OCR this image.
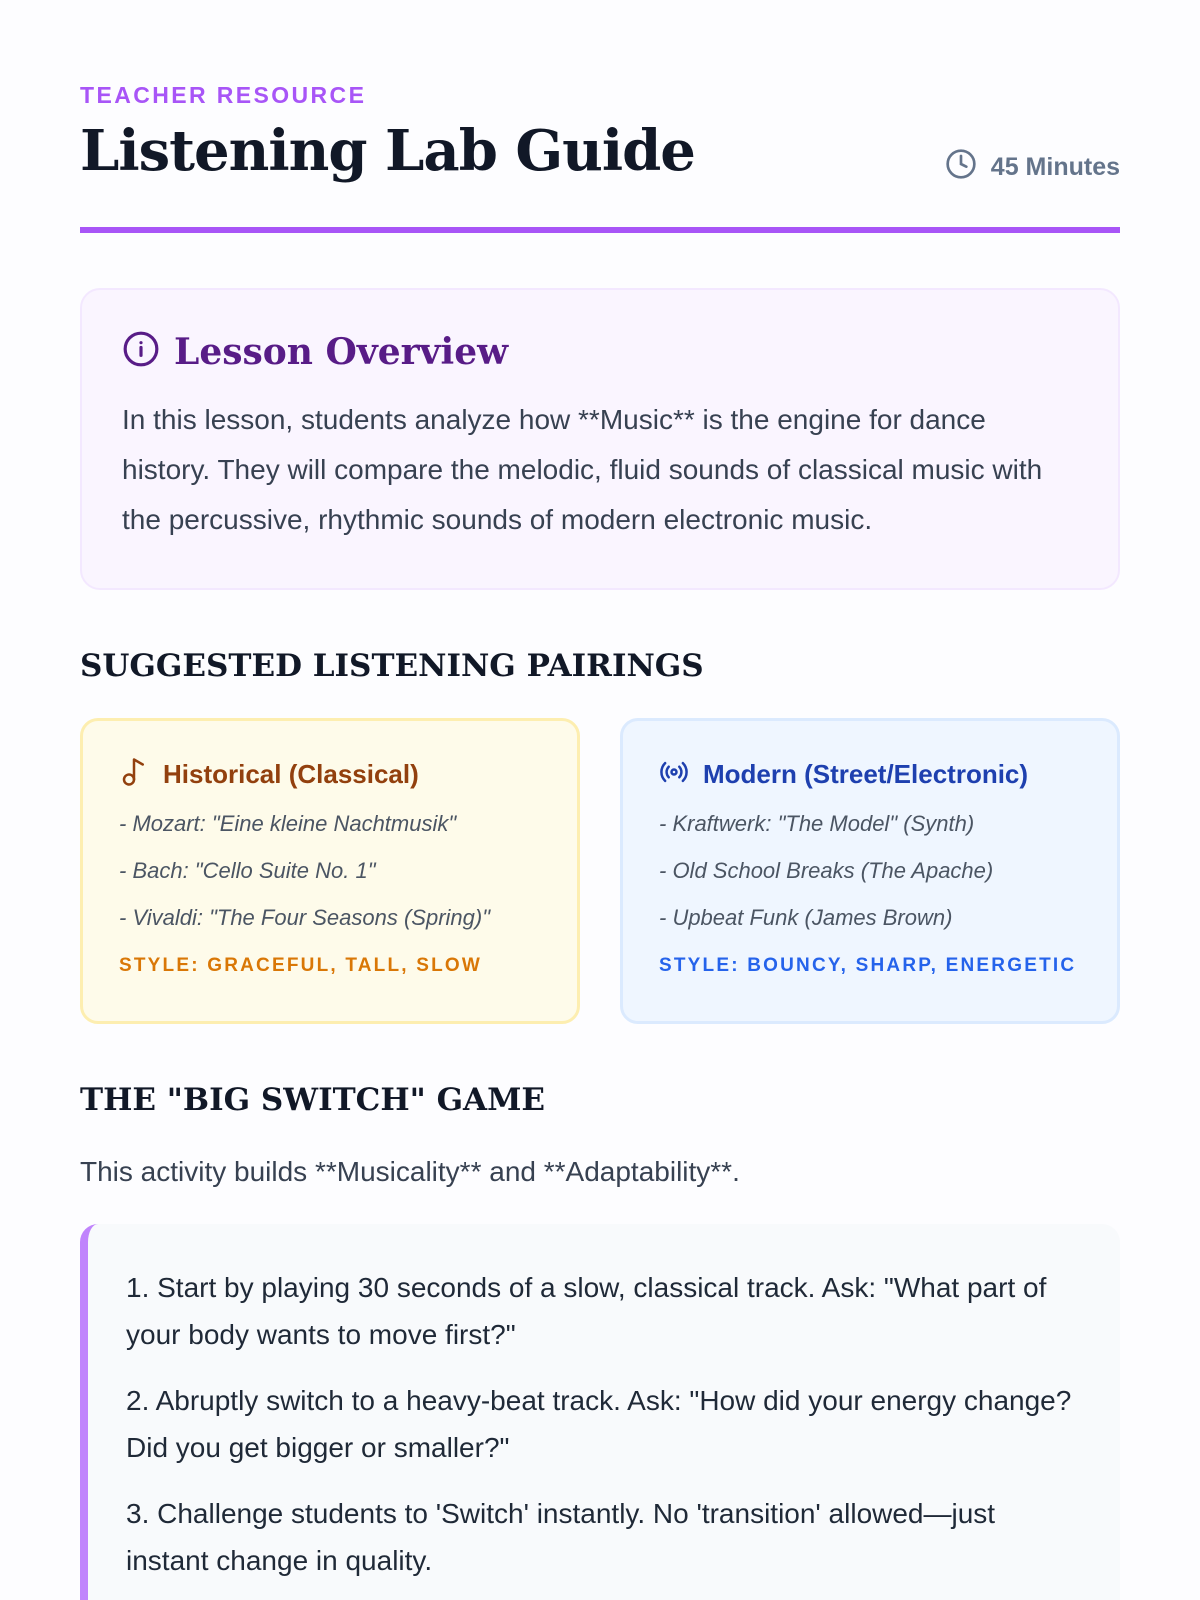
TEACHER RESOURCE
Listening Lab Guide	45 Minutes
Lesson Overview

In this lesson, students analyze how **Music** is the engine for dance history. They will compare the melodic, fluid sounds of classical music with the percussive, rhythmic sounds of modern electronic music.

SUGGESTED LISTENING PAIRINGS
Historical (Classical)
- Mozart: "Eine kleine Nachtmusik"
- Bach: "Cello Suite No. 1"
- Vivaldi: "The Four Seasons (Spring)"
STYLE: GRACEFUL, TALL, SLOW
Modern (Street/Electronic)
- Kraftwerk: "The Model" (Synth)
- Old School Breaks (The Apache)
- Upbeat Funk (James Brown)
STYLE: BOUNCY, SHARP, ENERGETIC
THE "BIG SWITCH" GAME

This activity builds **Musicality** and **Adaptability**.

1. Start by playing 30 seconds of a slow, classical track. Ask: "What part of your body wants to move first?"
2. Abruptly switch to a heavy-beat track. Ask: "How did your energy change? Did you get bigger or smaller?"
3. Challenge students to 'Switch' instantly. No 'transition' allowed—just instant change in quality.
